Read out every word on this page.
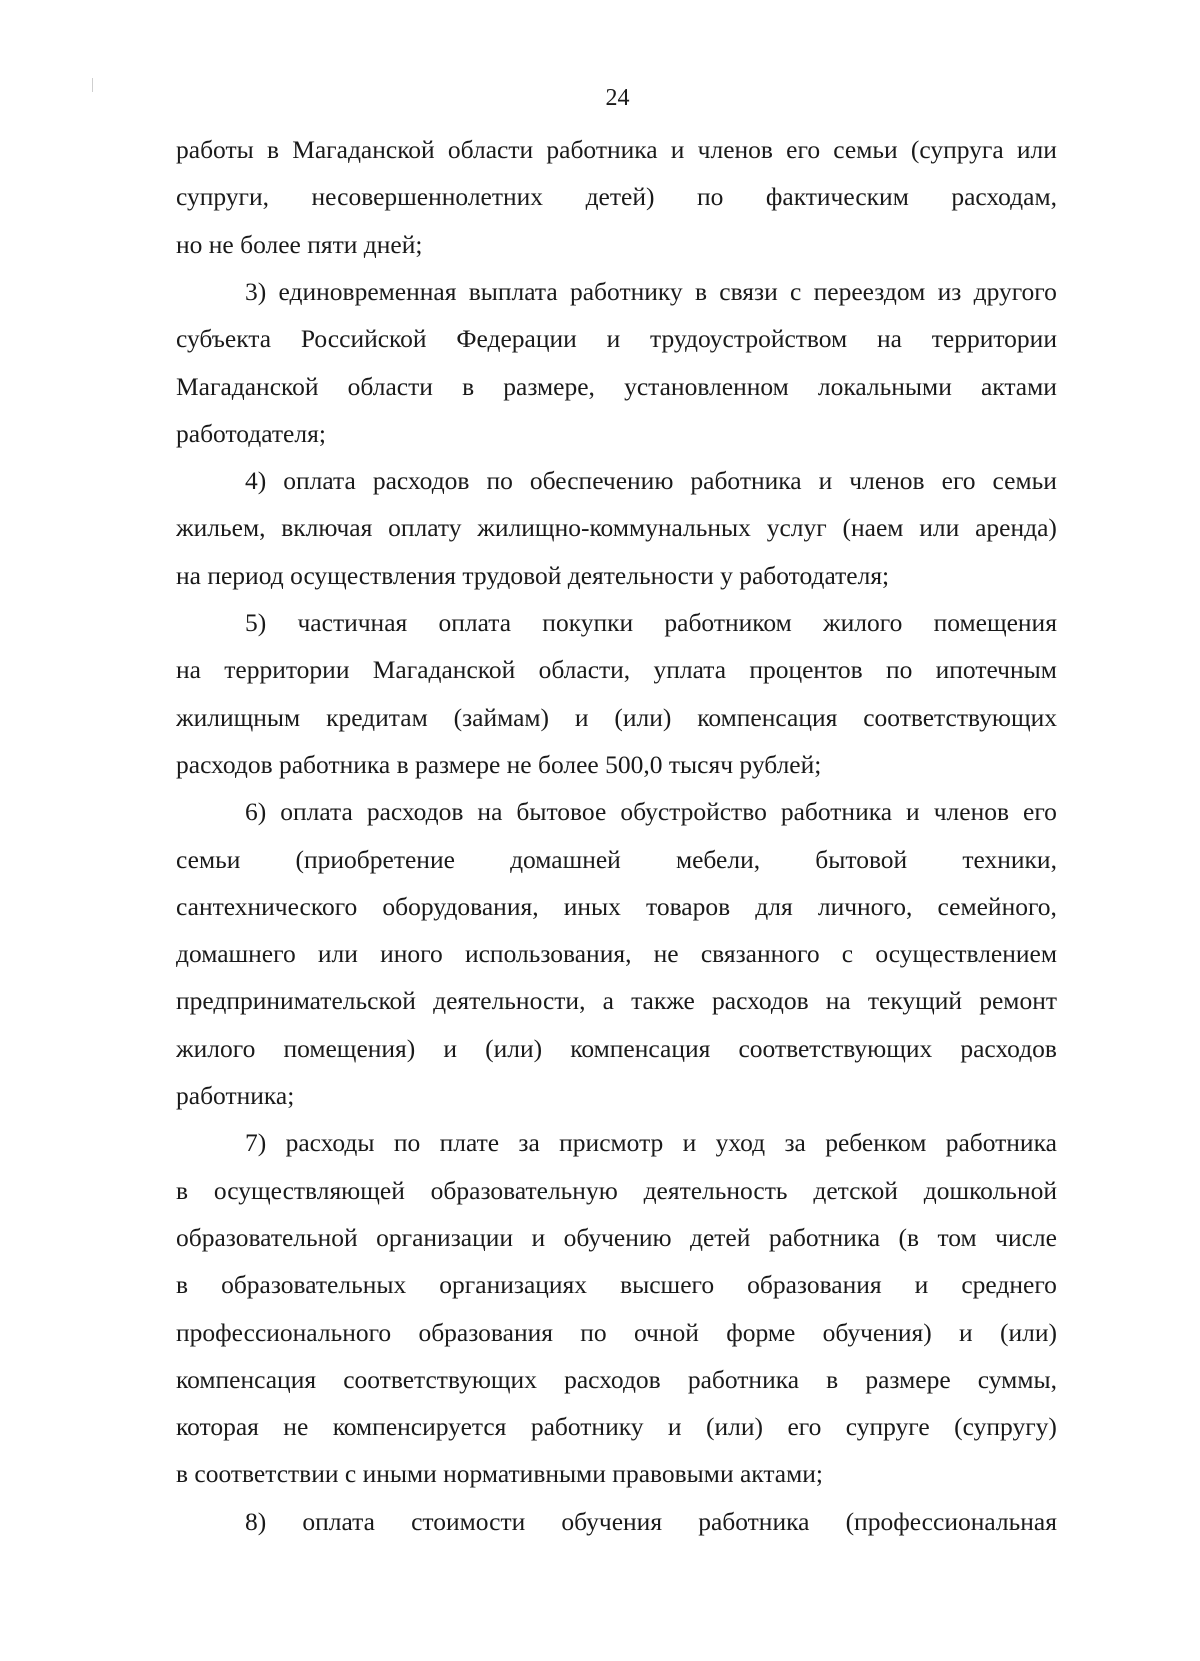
24
работы в Магаданской области работника и членов его семьи (супруга или
супруги, несовершеннолетних детей) по фактическим расходам,
но не более пяти дней;
3) единовременная выплата работнику в связи с переездом из другого
субъекта Российской Федерации и трудоустройством на территории
Магаданской области в размере, установленном локальными актами
работодателя;
4) оплата расходов по обеспечению работника и членов его семьи
жильем, включая оплату жилищно-коммунальных услуг (наем или аренда)
на период осуществления трудовой деятельности у работодателя;
5) частичная оплата покупки работником жилого помещения
на территории Магаданской области, уплата процентов по ипотечным
жилищным кредитам (займам) и (или) компенсация соответствующих
расходов работника в размере не более 500,0 тысяч рублей;
6) оплата расходов на бытовое обустройство работника и членов его
семьи (приобретение домашней мебели, бытовой техники,
сантехнического оборудования, иных товаров для личного, семейного,
домашнего или иного использования, не связанного с осуществлением
предпринимательской деятельности, а также расходов на текущий ремонт
жилого помещения) и (или) компенсация соответствующих расходов
работника;
7) расходы по плате за присмотр и уход за ребенком работника
в осуществляющей образовательную деятельность детской дошкольной
образовательной организации и обучению детей работника (в том числе
в образовательных организациях высшего образования и среднего
профессионального образования по очной форме обучения) и (или)
компенсация соответствующих расходов работника в размере суммы,
которая не компенсируется работнику и (или) его супруге (супругу)
в соответствии с иными нормативными правовыми актами;
8) оплата стоимости обучения работника (профессиональная
